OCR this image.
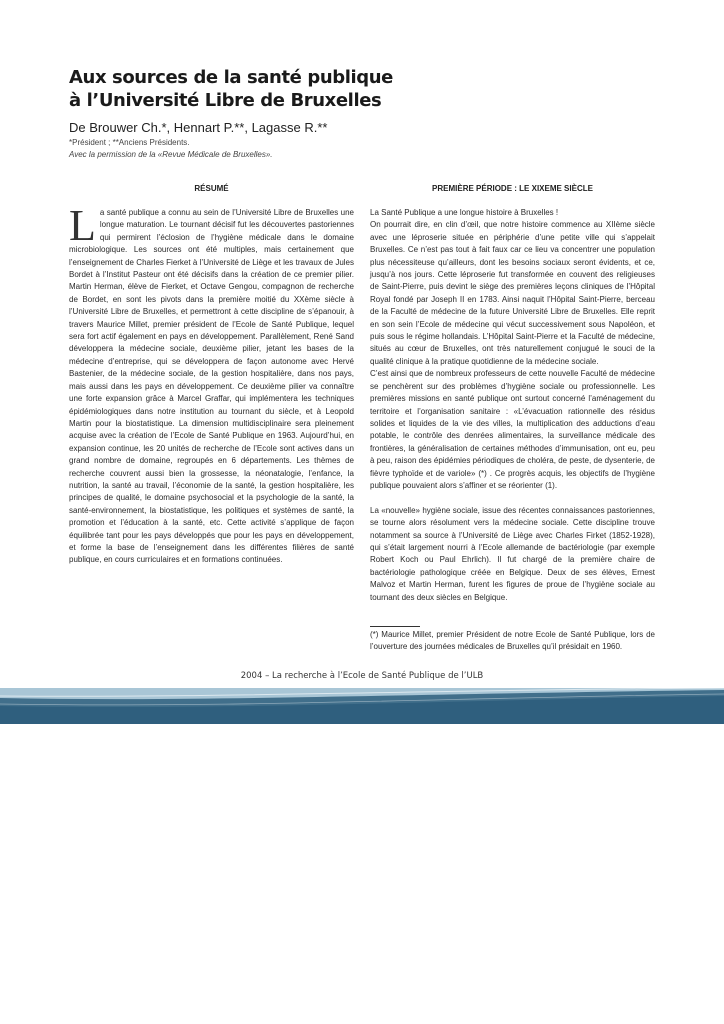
Aux sources de la santé publique à l’Université Libre de Bruxelles
De Brouwer Ch.*, Hennart P.**, Lagasse R.**
*Président ; **Anciens Présidents.
Avec la permission de la «Revue Médicale de Bruxelles».
RÉSUMÉ
La santé publique a connu au sein de l’Université Libre de Bruxelles une longue maturation. Le tournant décisif fut les découvertes pastoriennes qui permirent l’éclosion de l’hygiène médicale dans le domaine microbiologique. Les sources ont été multiples, mais certainement que l’enseignement de Charles Fierket à l’Université de Liège et les travaux de Jules Bordet à l’Institut Pasteur ont été décisifs dans la création de ce premier pilier. Martin Herman, élève de Fierket, et Octave Gengou, compagnon de recherche de Bordet, en sont les pivots dans la première moitié du XXème siècle à l’Université Libre de Bruxelles, et permettront à cette discipline de s’épanouir, à travers Maurice Millet, premier président de l’Ecole de Santé Publique, lequel sera fort actif également en pays en développement. Parallèlement, René Sand développera la médecine sociale, deuxième pilier, jetant les bases de la médecine d’entreprise, qui se développera de façon autonome avec Hervé Bastenier, de la médecine sociale, de la gestion hospitalière, dans nos pays, mais aussi dans les pays en développement. Ce deuxième pilier va connaître une forte expansion grâce à Marcel Graffar, qui implémentera les techniques épidémiologiques dans notre institution au tournant du siècle, et à Leopold Martin pour la biostatistique. La dimension multidisciplinaire sera pleinement acquise avec la création de l’Ecole de Santé Publique en 1963. Aujourd’hui, en expansion continue, les 20 unités de recherche de l’Ecole sont actives dans un grand nombre de domaine, regroupés en 6 départements. Les thèmes de recherche couvrent aussi bien la grossesse, la néonatalogie, l’enfance, la nutrition, la santé au travail, l’économie de la santé, la gestion hospitalière, les principes de qualité, le domaine psychosocial et la psychologie de la santé, la santé-environnement, la biostatistique, les politiques et systèmes de santé, la promotion et l’éducation à la santé, etc. Cette activité s’applique de façon équilibrée tant pour les pays développés que pour les pays en développement, et forme la base de l’enseignement dans les différentes filières de santé publique, en cours curriculaires et en formations continuées.
PREMIÈRE PÉRIODE : LE XIXEME SIÈCLE

La Santé Publique a une longue histoire à Bruxelles !

On pourrait dire, en clin d’œil, que notre histoire commence au XIIème siècle avec une léproserie située en périphérie d’une petite ville qui s’appelait Bruxelles. Ce n’est pas tout à fait faux car ce lieu va concentrer une population plus nécessiteuse qu’ailleurs, dont les besoins sociaux seront évidents, et ce, jusqu’à nos jours. Cette léproserie fut transformée en couvent des religieuses de Saint-Pierre, puis devint le siège des premières leçons cliniques de l’Hôpital Royal fondé par Joseph II en 1783. Ainsi naquit l’Hôpital Saint-Pierre, berceau de la Faculté de médecine de la future Université Libre de Bruxelles. Elle reprit en son sein l’Ecole de médecine qui vécut successivement sous Napoléon, et puis sous le régime hollandais. L’Hôpital Saint-Pierre et la Faculté de médecine, situés au cœur de Bruxelles, ont très naturellement conjugué le souci de la qualité clinique à la pratique quotidienne de la médecine sociale.

C’est ainsi que de nombreux professeurs de cette nouvelle Faculté de médecine se penchèrent sur des problèmes d’hygiène sociale ou professionnelle. Les premières missions en santé publique ont surtout concerné l’aménagement du territoire et l’organisation sanitaire : «L’évacuation rationnelle des résidus solides et liquides de la vie des villes, la multiplication des adductions d’eau potable, le contrôle des denrées alimentaires, la surveillance médicale des frontières, la généralisation de certaines méthodes d’immunisation, ont eu, peu à peu, raison des épidémies périodiques de choléra, de peste, de dysenterie, de fièvre typhoïde et de variole» (*) . Ce progrès acquis, les objectifs de l’hygiène publique pouvaient alors s’affiner et se réorienter (1).

La «nouvelle» hygiène sociale, issue des récentes connaissances pastoriennes, se tourne alors résolument vers la médecine sociale. Cette discipline trouve notamment sa source à l’Université de Liège avec Charles Firket (1852-1928), qui s’était largement nourri à l’Ecole allemande de bactériologie (par exemple Robert Koch ou Paul Ehrlich). Il fut chargé de la première chaire de bactériologie pathologique créée en Belgique. Deux de ses élèves, Ernest Malvoz et Martin Herman, furent les figures de proue de l’hygiène sociale au tournant des deux siècles en Belgique.

(*) Maurice Millet, premier Président de notre Ecole de Santé Publique, lors de l’ouverture des journées médicales de Bruxelles qu’il présidait en 1960.
2004 – La recherche à l’Ecole de Santé Publique de l’ULB
